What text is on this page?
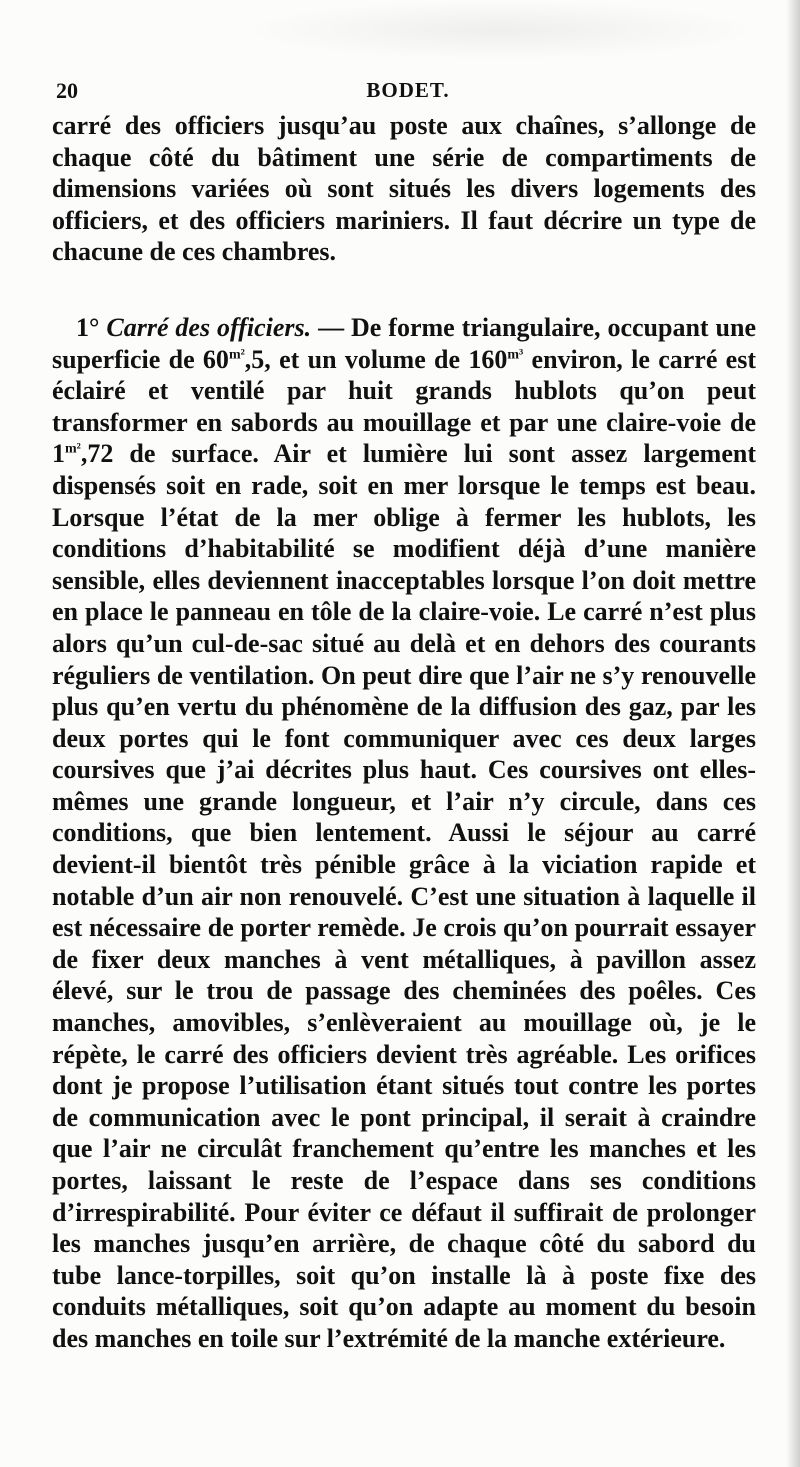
20	BODET.

carré des officiers jusqu’au poste aux chaînes, s’allonge de chaque côté du bâtiment une série de compartiments de dimensions variées où sont situés les divers logements des officiers, et des officiers mariniers. Il faut décrire un type de chacune de ces chambres.

1° Carré des officiers. — De forme triangulaire, occupant une superficie de $60^{m^2},5$, et un volume de $160^{m^3}$ environ, le carré est éclairé et ventilé par huit grands hublots qu’on peut transformer en sabords au mouillage et par une claire-voie de $1^{m^2},72$ de surface. Air et lumière lui sont assez largement dispensés soit en rade, soit en mer lorsque le temps est beau. Lorsque l’état de la mer oblige à fermer les hublots, les conditions d’habitabilité se modifient déjà d’une manière sensible, elles deviennent inacceptables lorsque l’on doit mettre en place le panneau en tôle de la claire-voie. Le carré n’est plus alors qu’un cul-de-sac situé au delà et en dehors des courants réguliers de ventilation. On peut dire que l’air ne s’y renouvelle plus qu’en vertu du phénomène de la diffusion des gaz, par les deux portes qui le font communiquer avec ces deux larges coursives que j’ai décrites plus haut. Ces coursives ont elles-mêmes une grande longueur, et l’air n’y circule, dans ces conditions, que bien lentement. Aussi le séjour au carré devient-il bientôt très pénible grâce à la viciation rapide et notable d’un air non renouvelé. C’est une situation à laquelle il est nécessaire de porter remède. Je crois qu’on pourrait essayer de fixer deux manches à vent métalliques, à pavillon assez élevé, sur le trou de passage des cheminées des poêles. Ces manches, amovibles, s’enlèveraient au mouillage où, je le répète, le carré des officiers devient très agréable. Les orifices dont je propose l’utilisation étant situés tout contre les portes de communication avec le pont principal, il serait à craindre que l’air ne circulât franchement qu’entre les manches et les portes, laissant le reste de l’espace dans ses conditions d’irrespirabilité. Pour éviter ce défaut il suffirait de prolonger les manches jusqu’en arrière, de chaque côté du sabord du tube lance-torpilles, soit qu’on installe là à poste fixe des conduits métalliques, soit qu’on adapte au moment du besoin des manches en toile sur l’extrémité de la manche extérieure.
